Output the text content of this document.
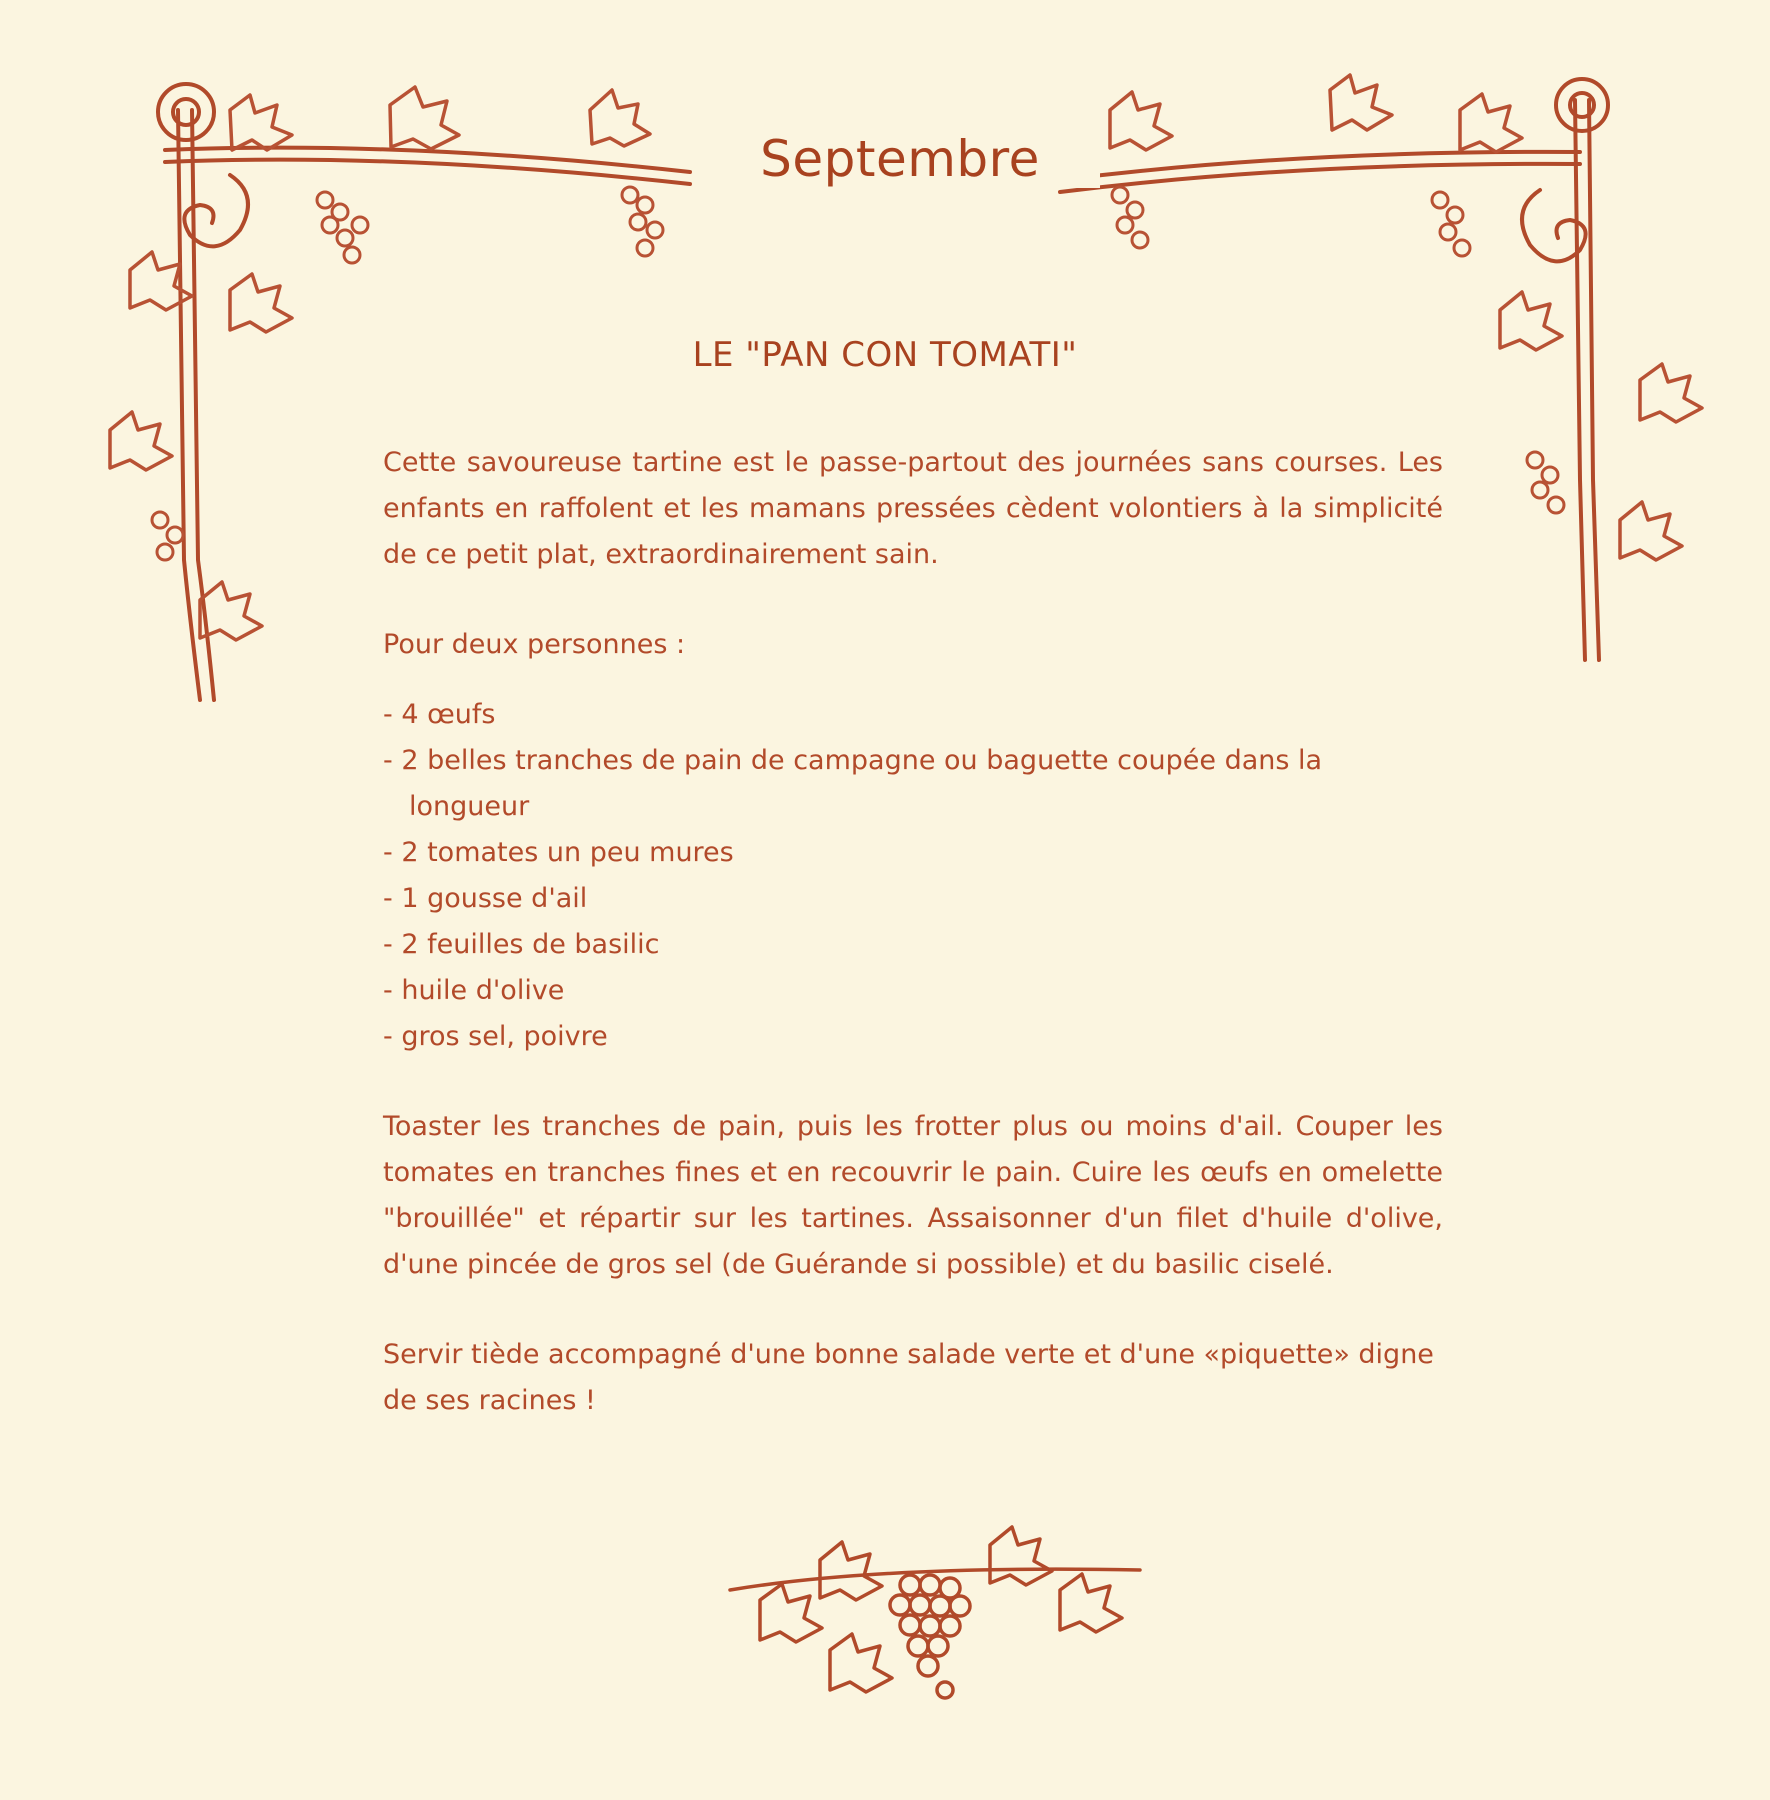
Septembre
LE "PAN CON TOMATI"

Cette savoureuse tartine est le passe-partout des journées sans courses. Les enfants en raffolent et les mamans pressées cèdent volontiers à la simplicité de ce petit plat, extraordinairement sain.

Pour deux personnes :

- 4 œufs
- 2 belles tranches de pain de campagne ou baguette coupée dans la longueur
- 2 tomates un peu mures
- 1 gousse d'ail
- 2 feuilles de basilic
- huile d'olive
- gros sel, poivre

Toaster les tranches de pain, puis les frotter plus ou moins d'ail. Couper les tomates en tranches fines et en recouvrir le pain. Cuire les œufs en omelette "brouillée" et répartir sur les tartines. Assaisonner d'un filet d'huile d'olive, d'une pincée de gros sel (de Guérande si possible) et du basilic ciselé.

Servir tiède accompagné d'une bonne salade verte et d'une «piquette» digne de ses racines !
